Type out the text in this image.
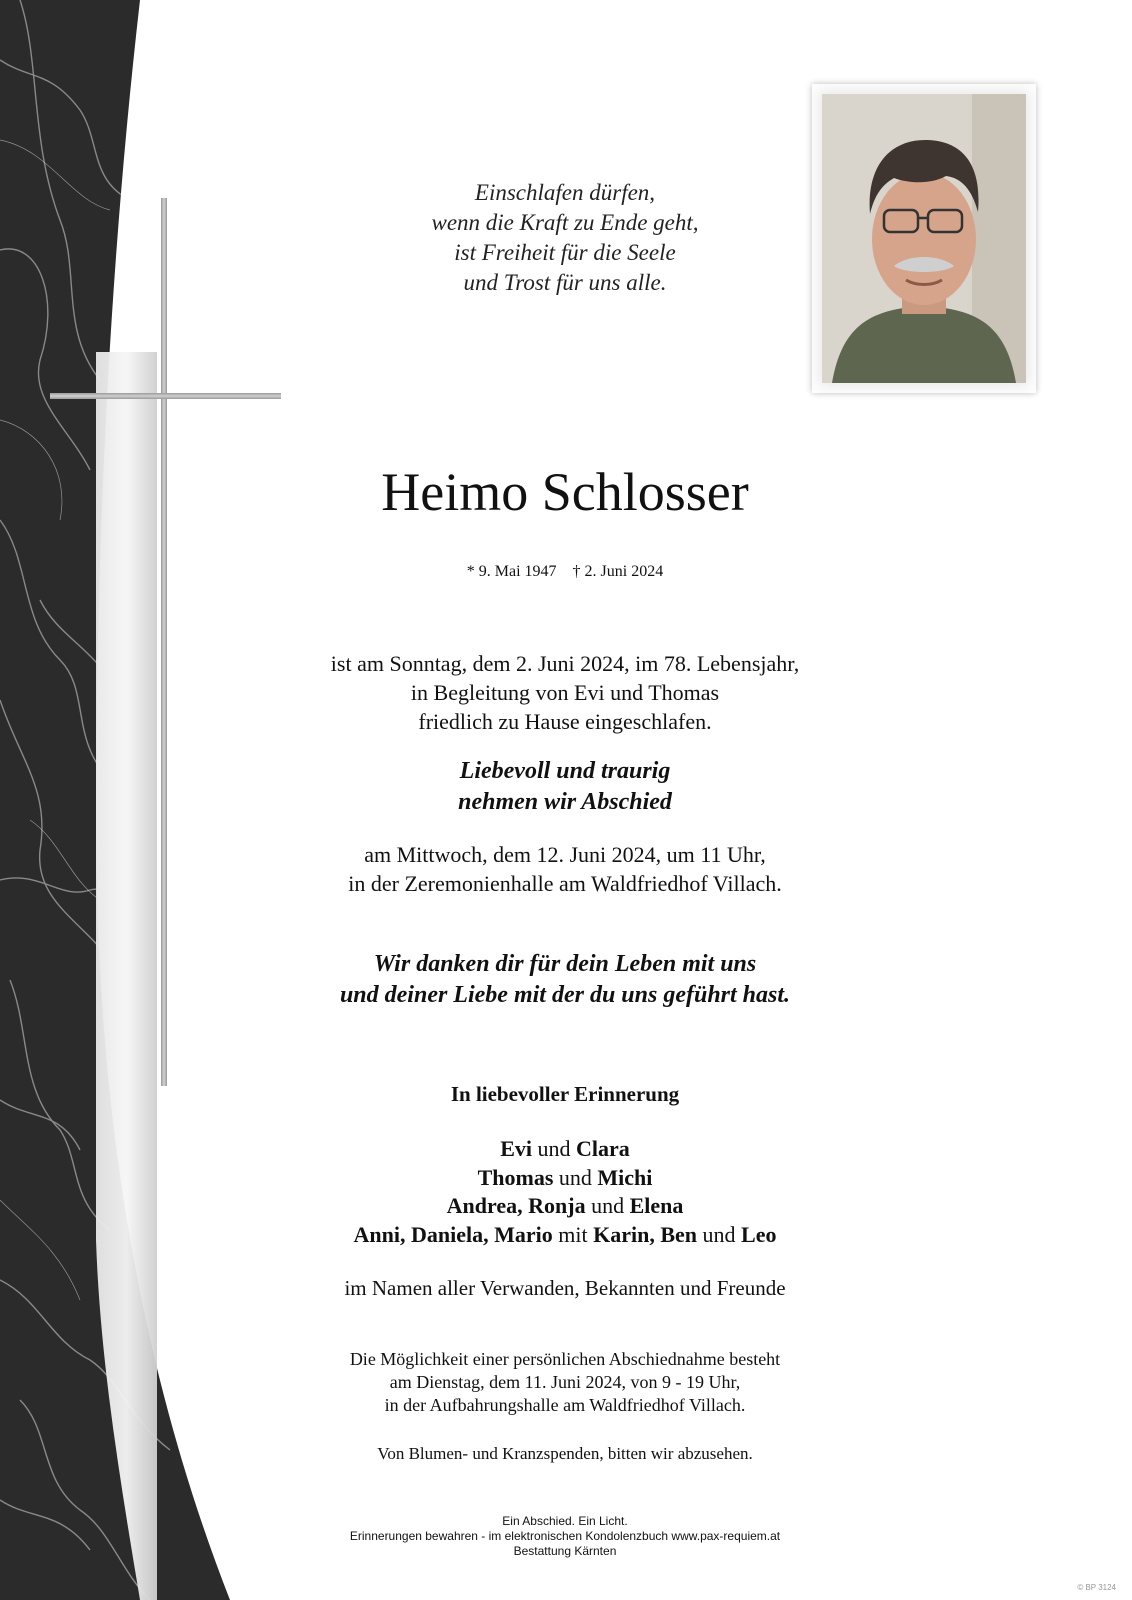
Einschlafen dürfen,
wenn die Kraft zu Ende geht,
ist Freiheit für die Seele
und Trost für uns alle.
Heimo Schlosser
* 9. Mai 1947 † 2. Juni 2024
ist am Sonntag, dem 2. Juni 2024, im 78. Lebensjahr,
in Begleitung von Evi und Thomas
friedlich zu Hause eingeschlafen.
Liebevoll und traurig
nehmen wir Abschied
am Mittwoch, dem 12. Juni 2024, um 11 Uhr,
in der Zeremonienhalle am Waldfriedhof Villach.
Wir danken dir für dein Leben mit uns
und deiner Liebe mit der du uns geführt hast.
In liebevoller Erinnerung
Evi und Clara
Thomas und Michi
Andrea, Ronja und Elena
Anni, Daniela, Mario mit Karin, Ben und Leo
im Namen aller Verwanden, Bekannten und Freunde
Die Möglichkeit einer persönlichen Abschiednahme besteht
am Dienstag, dem 11. Juni 2024, von 9 - 19 Uhr,
in der Aufbahrungshalle am Waldfriedhof Villach.
Von Blumen- und Kranzspenden, bitten wir abzusehen.
Ein Abschied. Ein Licht.
Erinnerungen bewahren - im elektronischen Kondolenzbuch www.pax-requiem.at
Bestattung Kärnten
© BP 3124
